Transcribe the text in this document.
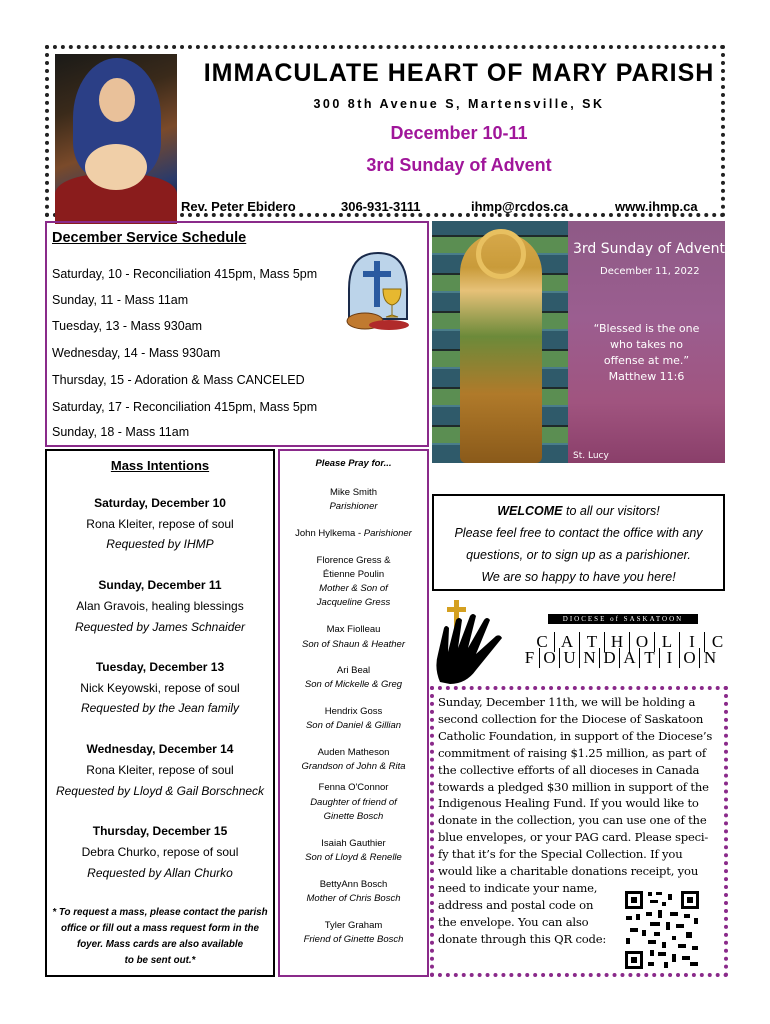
IMMACULATE HEART OF MARY PARISH
300 8th Avenue S, Martensville, SK
December 10-11
3rd Sunday of Advent
Rev. Peter Ebidero	306-931-3111	ihmp@rcdos.ca	www.ihmp.ca
December Service Schedule
Saturday, 10 - Reconciliation 415pm, Mass 5pm
Sunday, 11 - Mass 11am
Tuesday, 13 - Mass 930am
Wednesday, 14 - Mass 930am
Thursday, 15 - Adoration & Mass CANCELED
Saturday, 17 - Reconciliation 415pm, Mass 5pm
Sunday, 18 - Mass 11am
3rd Sunday of Advent
December 11, 2022
“Blessed is the one
who takes no
offense at me.”
Matthew 11:6
St. Lucy
Feast Day: December 13
Mass Intentions
Saturday, December 10
Rona Kleiter, repose of soul
Requested by IHMP
Sunday, December 11
Alan Gravois, healing blessings
Requested by James Schnaider
Tuesday, December 13
Nick Keyowski, repose of soul
Requested by the Jean family
Wednesday, December 14
Rona Kleiter, repose of soul
Requested by Lloyd & Gail Borschneck
Thursday, December 15
Debra Churko, repose of soul
Requested by Allan Churko
* To request a mass, please contact the parish
office or fill out a mass request form in the
foyer. Mass cards are also available
to be sent out.*
Please Pray for...
Mike Smith
Parishioner
John Hylkema - Parishioner
Florence Gress &
Étienne Poulin
Mother & Son of
Jacqueline Gress
Max Fiolleau
Son of Shaun & Heather
Ari Beal
Son of Mickelle & Greg
Hendrix Goss
Son of Daniel & Gillian
Auden Matheson
Grandson of John & Rita
Fenna O'Connor
Daughter of friend of
Ginette Bosch
Isaiah Gauthier
Son of Lloyd & Renelle
BettyAnn Bosch
Mother of Chris Bosch
Tyler Graham
Friend of Ginette Bosch
WELCOME to all our visitors!
Please feel free to contact the office with any
questions, or to sign up as a parishioner.
We are so happy to have you here!
DIOCESE of SASKATOON
C A T H O L I C
F O U N D A T I O N
Sunday, December 11th, we will be holding a
second collection for the Diocese of Saskatoon
Catholic Foundation, in support of the Diocese’s
commitment of raising $1.25 million, as part of
the collective efforts of all dioceses in Canada
towards a pledged $30 million in support of the
Indigenous Healing Fund. If you would like to
donate in the collection, you can use one of the
blue envelopes, or your PAG card. Please speci-
fy that it’s for the Special Collection. If you
would like a charitable donations receipt, you
need to indicate your name,
address and postal code on
the envelope. You can also
donate through this QR code:
